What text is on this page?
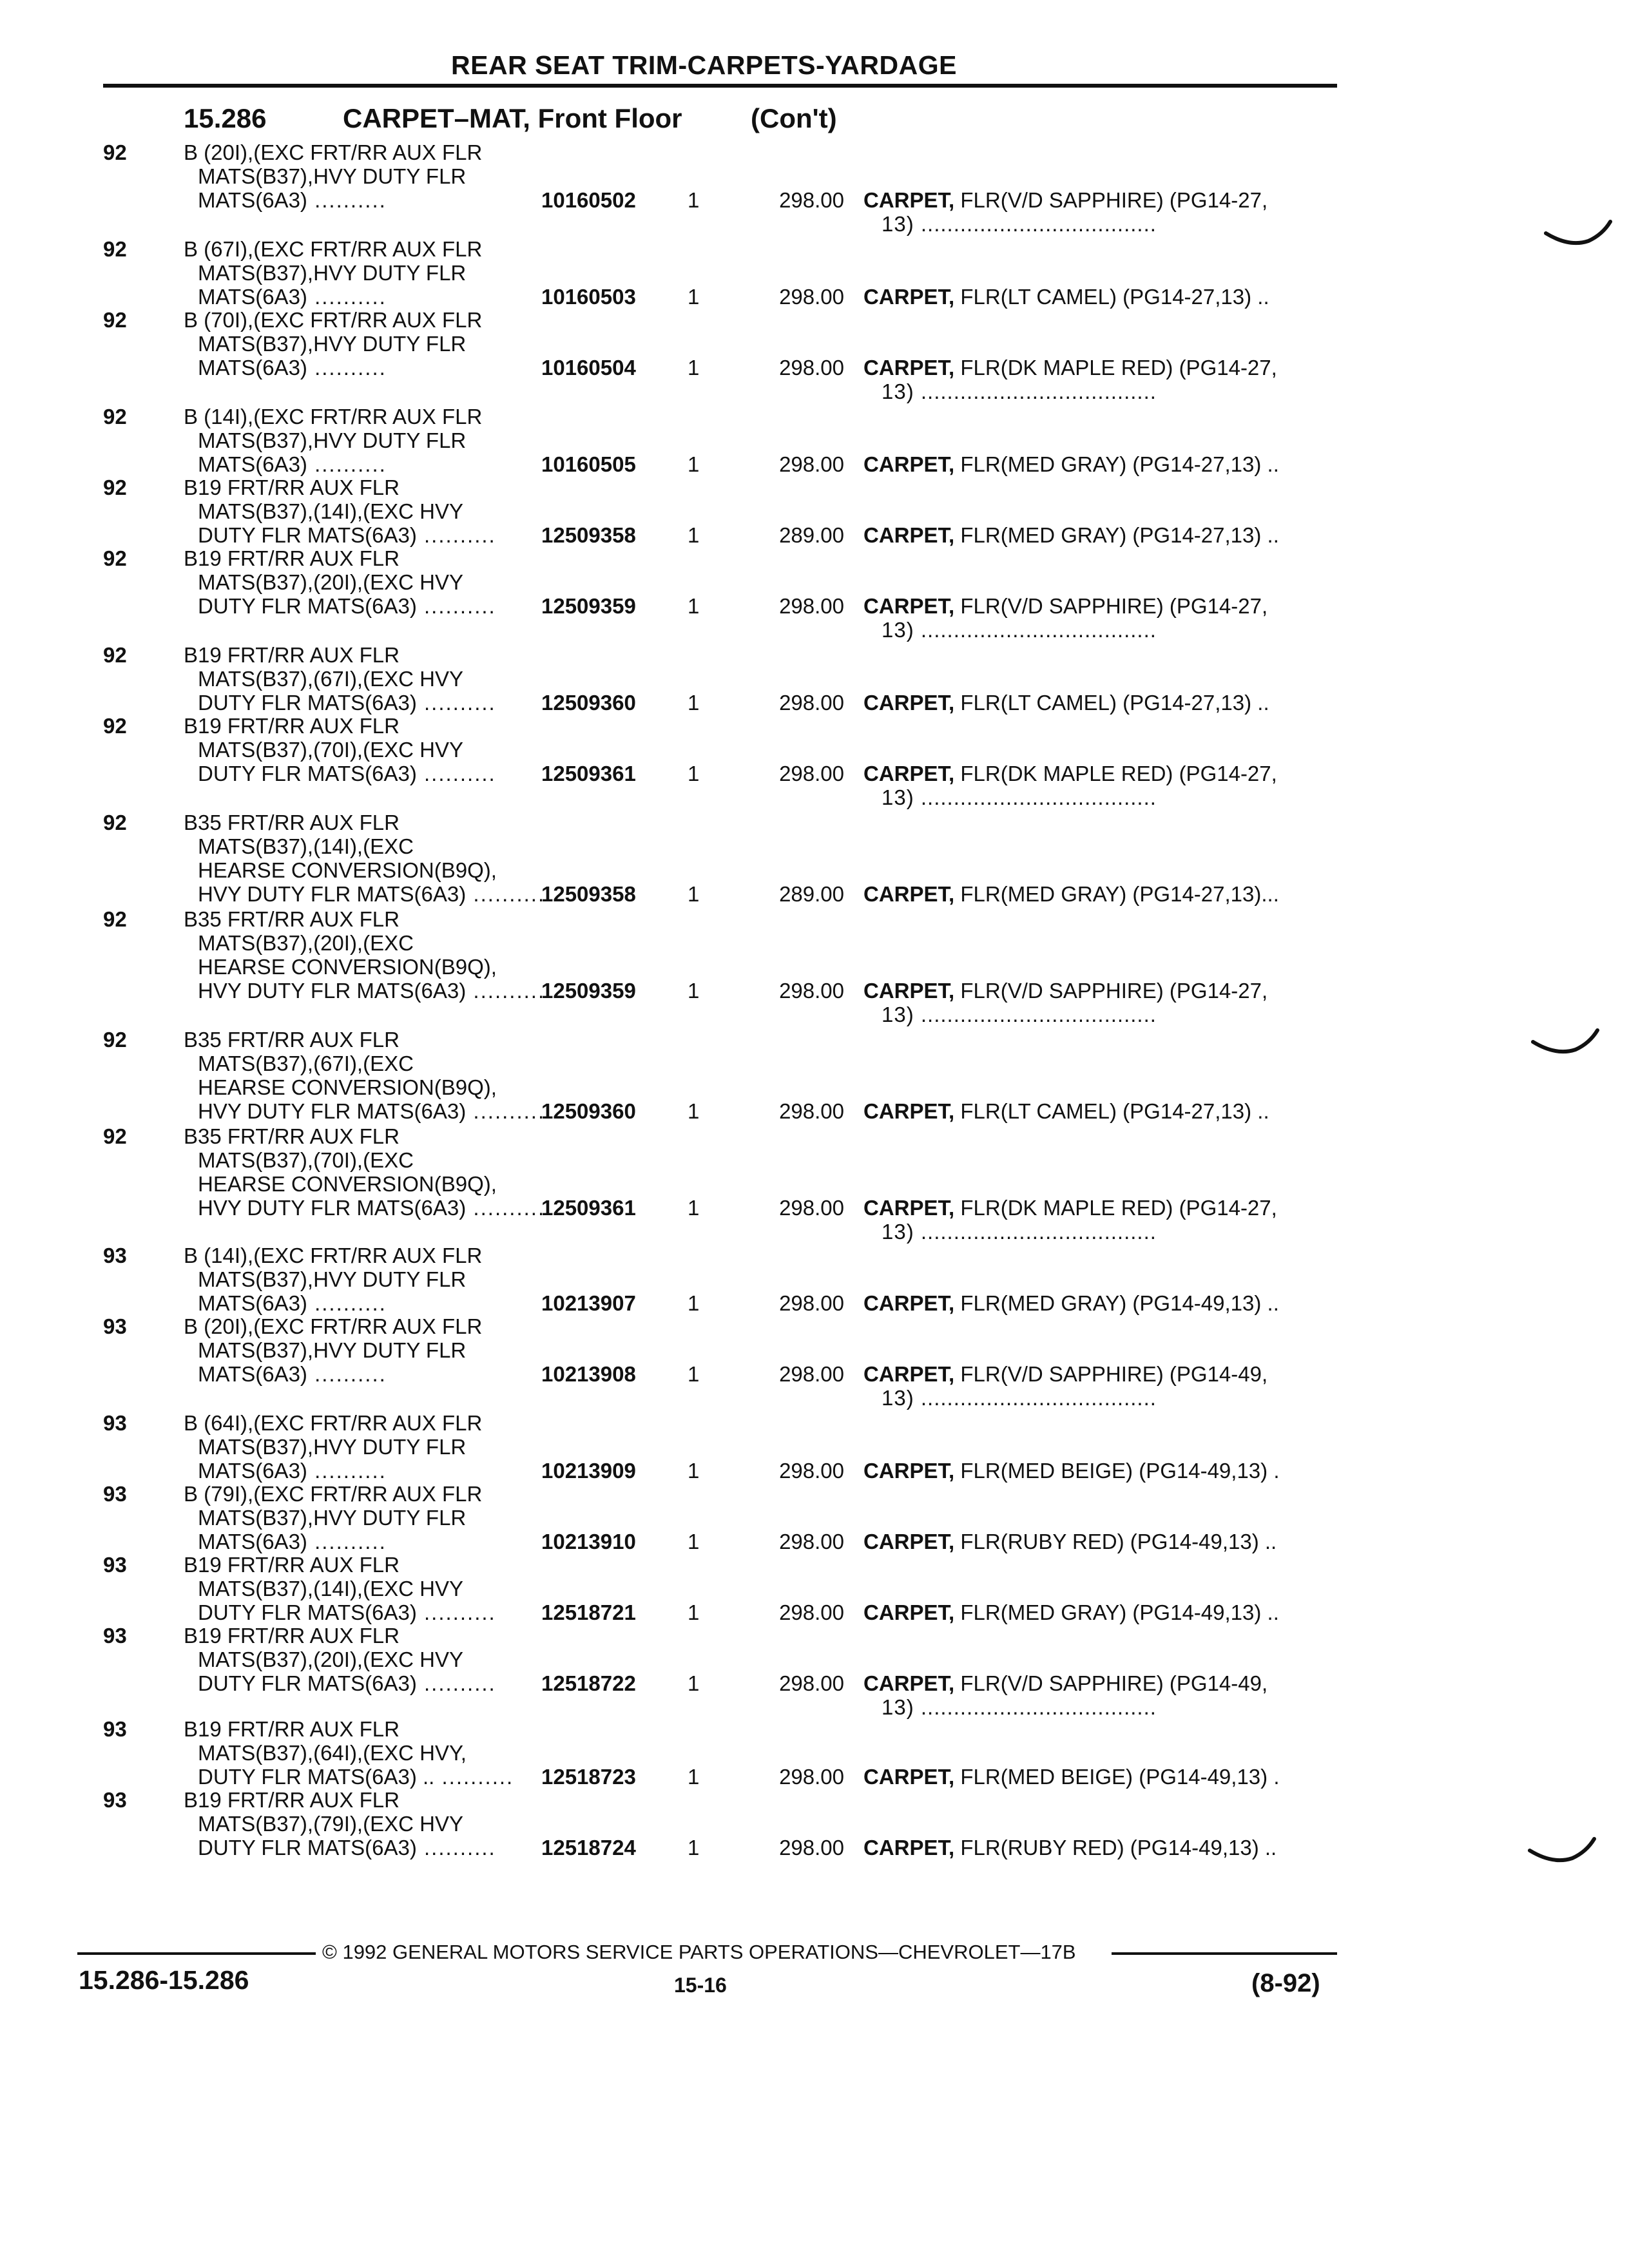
REAR SEAT TRIM-CARPETS-YARDAGE
15.286	CARPET–MAT, Front Floor	(Con't)
92	B (20I),(EXC FRT/RR AUX FLR
MATS(B37),HVY DUTY FLR
MATS(6A3) ..........	10160502	1	298.00 CARPET, FLR(V/D SAPPHIRE) (PG14-27,
13) ....................................
92	B (67I),(EXC FRT/RR AUX FLR
MATS(B37),HVY DUTY FLR
MATS(6A3) ..........	10160503	1	298.00 CARPET, FLR(LT CAMEL) (PG14-27,13) ..
92	B (70I),(EXC FRT/RR AUX FLR
MATS(B37),HVY DUTY FLR
MATS(6A3) ..........	10160504	1	298.00 CARPET, FLR(DK MAPLE RED) (PG14-27,
13) ....................................
92	B (14I),(EXC FRT/RR AUX FLR
MATS(B37),HVY DUTY FLR
MATS(6A3) ..........	10160505	1	298.00 CARPET, FLR(MED GRAY) (PG14-27,13) ..
92	B19 FRT/RR AUX FLR
MATS(B37),(14I),(EXC HVY
DUTY FLR MATS(6A3) ..........	12509358	1	289.00 CARPET, FLR(MED GRAY) (PG14-27,13) ..
92	B19 FRT/RR AUX FLR
MATS(B37),(20I),(EXC HVY
DUTY FLR MATS(6A3) ..........	12509359	1	298.00 CARPET, FLR(V/D SAPPHIRE) (PG14-27,
13) ....................................
92	B19 FRT/RR AUX FLR
MATS(B37),(67I),(EXC HVY
DUTY FLR MATS(6A3) ..........	12509360	1	298.00 CARPET, FLR(LT CAMEL) (PG14-27,13) ..
92	B19 FRT/RR AUX FLR
MATS(B37),(70I),(EXC HVY
DUTY FLR MATS(6A3) ..........	12509361	1	298.00 CARPET, FLR(DK MAPLE RED) (PG14-27,
13) ....................................
92	B35 FRT/RR AUX FLR
MATS(B37),(14I),(EXC
HEARSE CONVERSION(B9Q),
HVY DUTY FLR MATS(6A3) ..........
12509358	1	289.00 CARPET, FLR(MED GRAY) (PG14-27,13)...
92	B35 FRT/RR AUX FLR
MATS(B37),(20I),(EXC
HEARSE CONVERSION(B9Q),
HVY DUTY FLR MATS(6A3) ..........
12509359	1	298.00 CARPET, FLR(V/D SAPPHIRE) (PG14-27,
13) ....................................
92	B35 FRT/RR AUX FLR
MATS(B37),(67I),(EXC
HEARSE CONVERSION(B9Q),
HVY DUTY FLR MATS(6A3) ..........
12509360	1	298.00 CARPET, FLR(LT CAMEL) (PG14-27,13) ..
92	B35 FRT/RR AUX FLR
MATS(B37),(70I),(EXC
HEARSE CONVERSION(B9Q),
HVY DUTY FLR MATS(6A3) ..........
12509361	1	298.00 CARPET, FLR(DK MAPLE RED) (PG14-27,
13) ....................................
93	B (14I),(EXC FRT/RR AUX FLR
MATS(B37),HVY DUTY FLR
MATS(6A3) ..........	10213907	1	298.00 CARPET, FLR(MED GRAY) (PG14-49,13) ..
93	B (20I),(EXC FRT/RR AUX FLR
MATS(B37),HVY DUTY FLR
MATS(6A3) ..........	10213908	1	298.00 CARPET, FLR(V/D SAPPHIRE) (PG14-49,
13) ....................................
93	B (64I),(EXC FRT/RR AUX FLR
MATS(B37),HVY DUTY FLR
MATS(6A3) ..........	10213909	1	298.00 CARPET, FLR(MED BEIGE) (PG14-49,13) .
93	B (79I),(EXC FRT/RR AUX FLR
MATS(B37),HVY DUTY FLR
MATS(6A3) ..........	10213910	1	298.00 CARPET, FLR(RUBY RED) (PG14-49,13) ..
93	B19 FRT/RR AUX FLR
MATS(B37),(14I),(EXC HVY
DUTY FLR MATS(6A3) ..........	12518721	1	298.00 CARPET, FLR(MED GRAY) (PG14-49,13) ..
93	B19 FRT/RR AUX FLR
MATS(B37),(20I),(EXC HVY
DUTY FLR MATS(6A3) ..........	12518722	1	298.00 CARPET, FLR(V/D SAPPHIRE) (PG14-49,
13) ....................................
93	B19 FRT/RR AUX FLR
MATS(B37),(64I),(EXC HVY,
DUTY FLR MATS(6A3) .. ..........	12518723	1	298.00 CARPET, FLR(MED BEIGE) (PG14-49,13) .
93	B19 FRT/RR AUX FLR
MATS(B37),(79I),(EXC HVY
DUTY FLR MATS(6A3) ..........	12518724	1	298.00 CARPET, FLR(RUBY RED) (PG14-49,13) ..
© 1992 GENERAL MOTORS SERVICE PARTS OPERATIONS—CHEVROLET—17B
15.286-15.286	15-16	(8-92)
